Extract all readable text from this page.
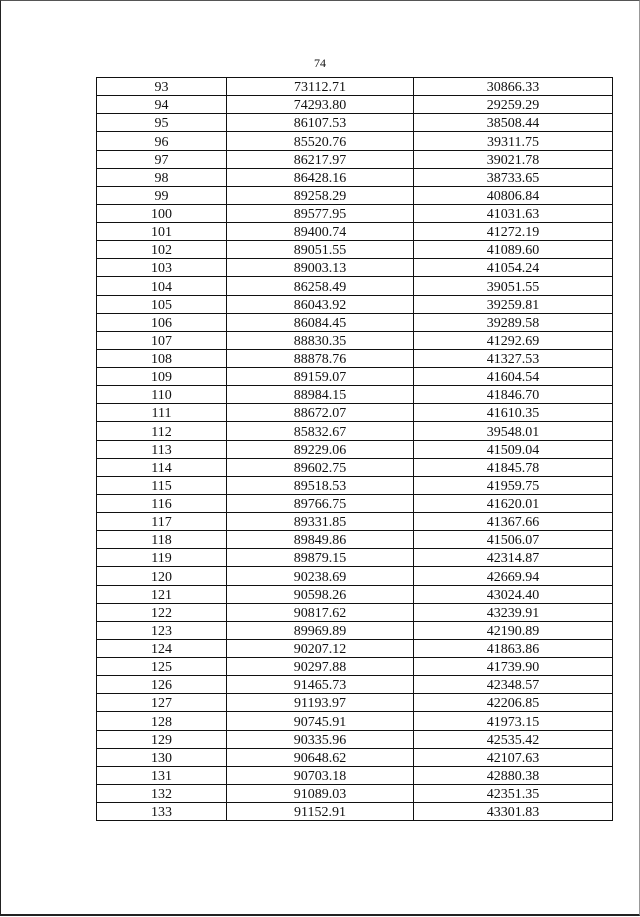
74
93	73112.71	30866.33
94	74293.80	29259.29
95	86107.53	38508.44
96	85520.76	39311.75
97	86217.97	39021.78
98	86428.16	38733.65
99	89258.29	40806.84
100	89577.95	41031.63
101	89400.74	41272.19
102	89051.55	41089.60
103	89003.13	41054.24
104	86258.49	39051.55
105	86043.92	39259.81
106	86084.45	39289.58
107	88830.35	41292.69
108	88878.76	41327.53
109	89159.07	41604.54
110	88984.15	41846.70
111	88672.07	41610.35
112	85832.67	39548.01
113	89229.06	41509.04
114	89602.75	41845.78
115	89518.53	41959.75
116	89766.75	41620.01
117	89331.85	41367.66
118	89849.86	41506.07
119	89879.15	42314.87
120	90238.69	42669.94
121	90598.26	43024.40
122	90817.62	43239.91
123	89969.89	42190.89
124	90207.12	41863.86
125	90297.88	41739.90
126	91465.73	42348.57
127	91193.97	42206.85
128	90745.91	41973.15
129	90335.96	42535.42
130	90648.62	42107.63
131	90703.18	42880.38
132	91089.03	42351.35
133	91152.91	43301.83
